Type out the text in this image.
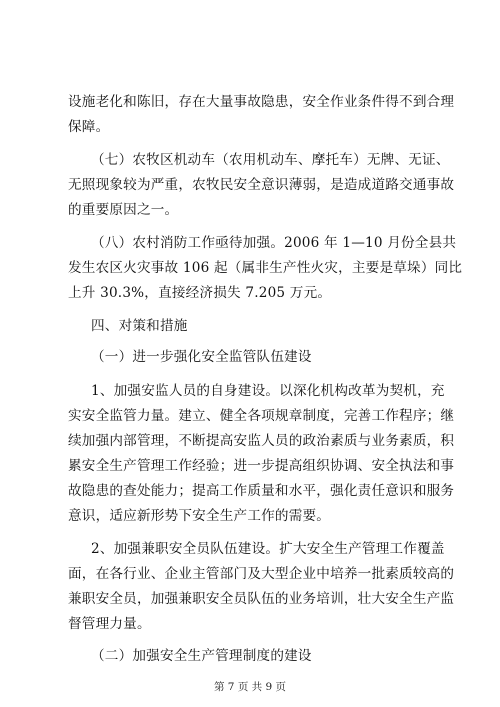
设施老化和陈旧，存在大量事故隐患，安全作业条件得不到合理
保障。
（七）农牧区机动车（农用机动车、摩托车）无牌、无证、
无照现象较为严重，农牧民安全意识薄弱，是造成道路交通事故
的重要原因之一。
（八）农村消防工作亟待加强。2006 年 1—10 月份全县共
发生农区火灾事故 106 起（属非生产性火灾，主要是草垛）同比
上升 30.3%，直接经济损失 7.205 万元。
四、对策和措施
（一）进一步强化安全监管队伍建设
1、加强安监人员的自身建设。以深化机构改革为契机，充
实安全监管力量。建立、健全各项规章制度，完善工作程序；继
续加强内部管理，不断提高安监人员的政治素质与业务素质，积
累安全生产管理工作经验；进一步提高组织协调、安全执法和事
故隐患的查处能力；提高工作质量和水平，强化责任意识和服务
意识，适应新形势下安全生产工作的需要。
2、加强兼职安全员队伍建设。扩大安全生产管理工作覆盖
面，在各行业、企业主管部门及大型企业中培养一批素质较高的
兼职安全员，加强兼职安全员队伍的业务培训，壮大安全生产监
督管理力量。
（二）加强安全生产管理制度的建设
第 7 页 共 9 页
